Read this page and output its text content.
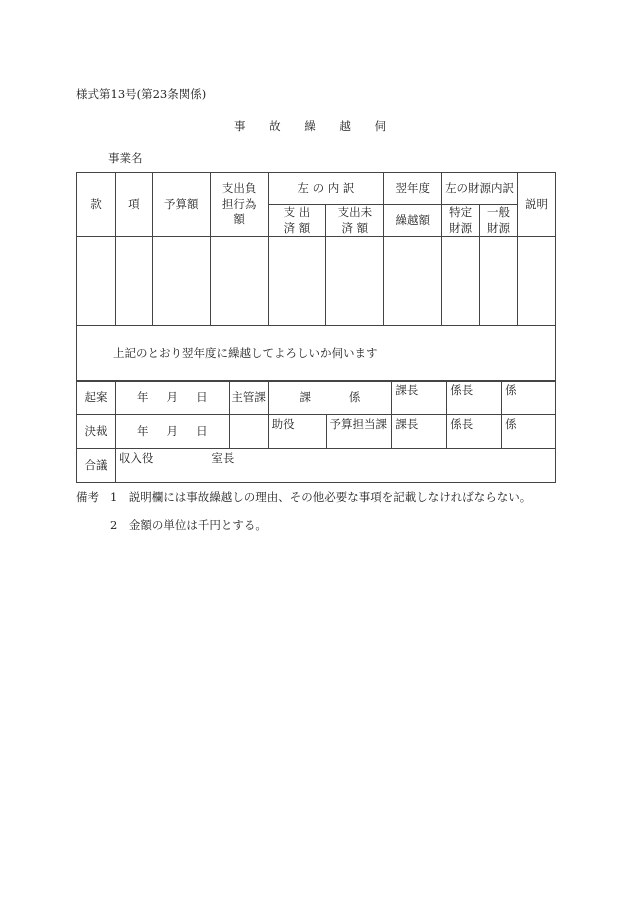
様式第13号(第23条関係)
事 故 繰 越 伺
事業名
款	項	予算額	支出負担行為額	左 の 内 訳		翌年度	左の財源内訳		説明
				支 出 済 額	支出未 済 額	繰越額	特定 財源	一般 財源	

上記のとおり翌年度に繰越してよろしいか伺います									
起案	年 月 日	主管課	課 係		課長	係長	係
決裁	年 月 日		助役	予算担当課	課長	係長	係
合議	収入役 室長						
備考 1　説明欄には事故繰越しの理由、その他必要な事項を記載しなければならない。
2　金額の単位は千円とする。
